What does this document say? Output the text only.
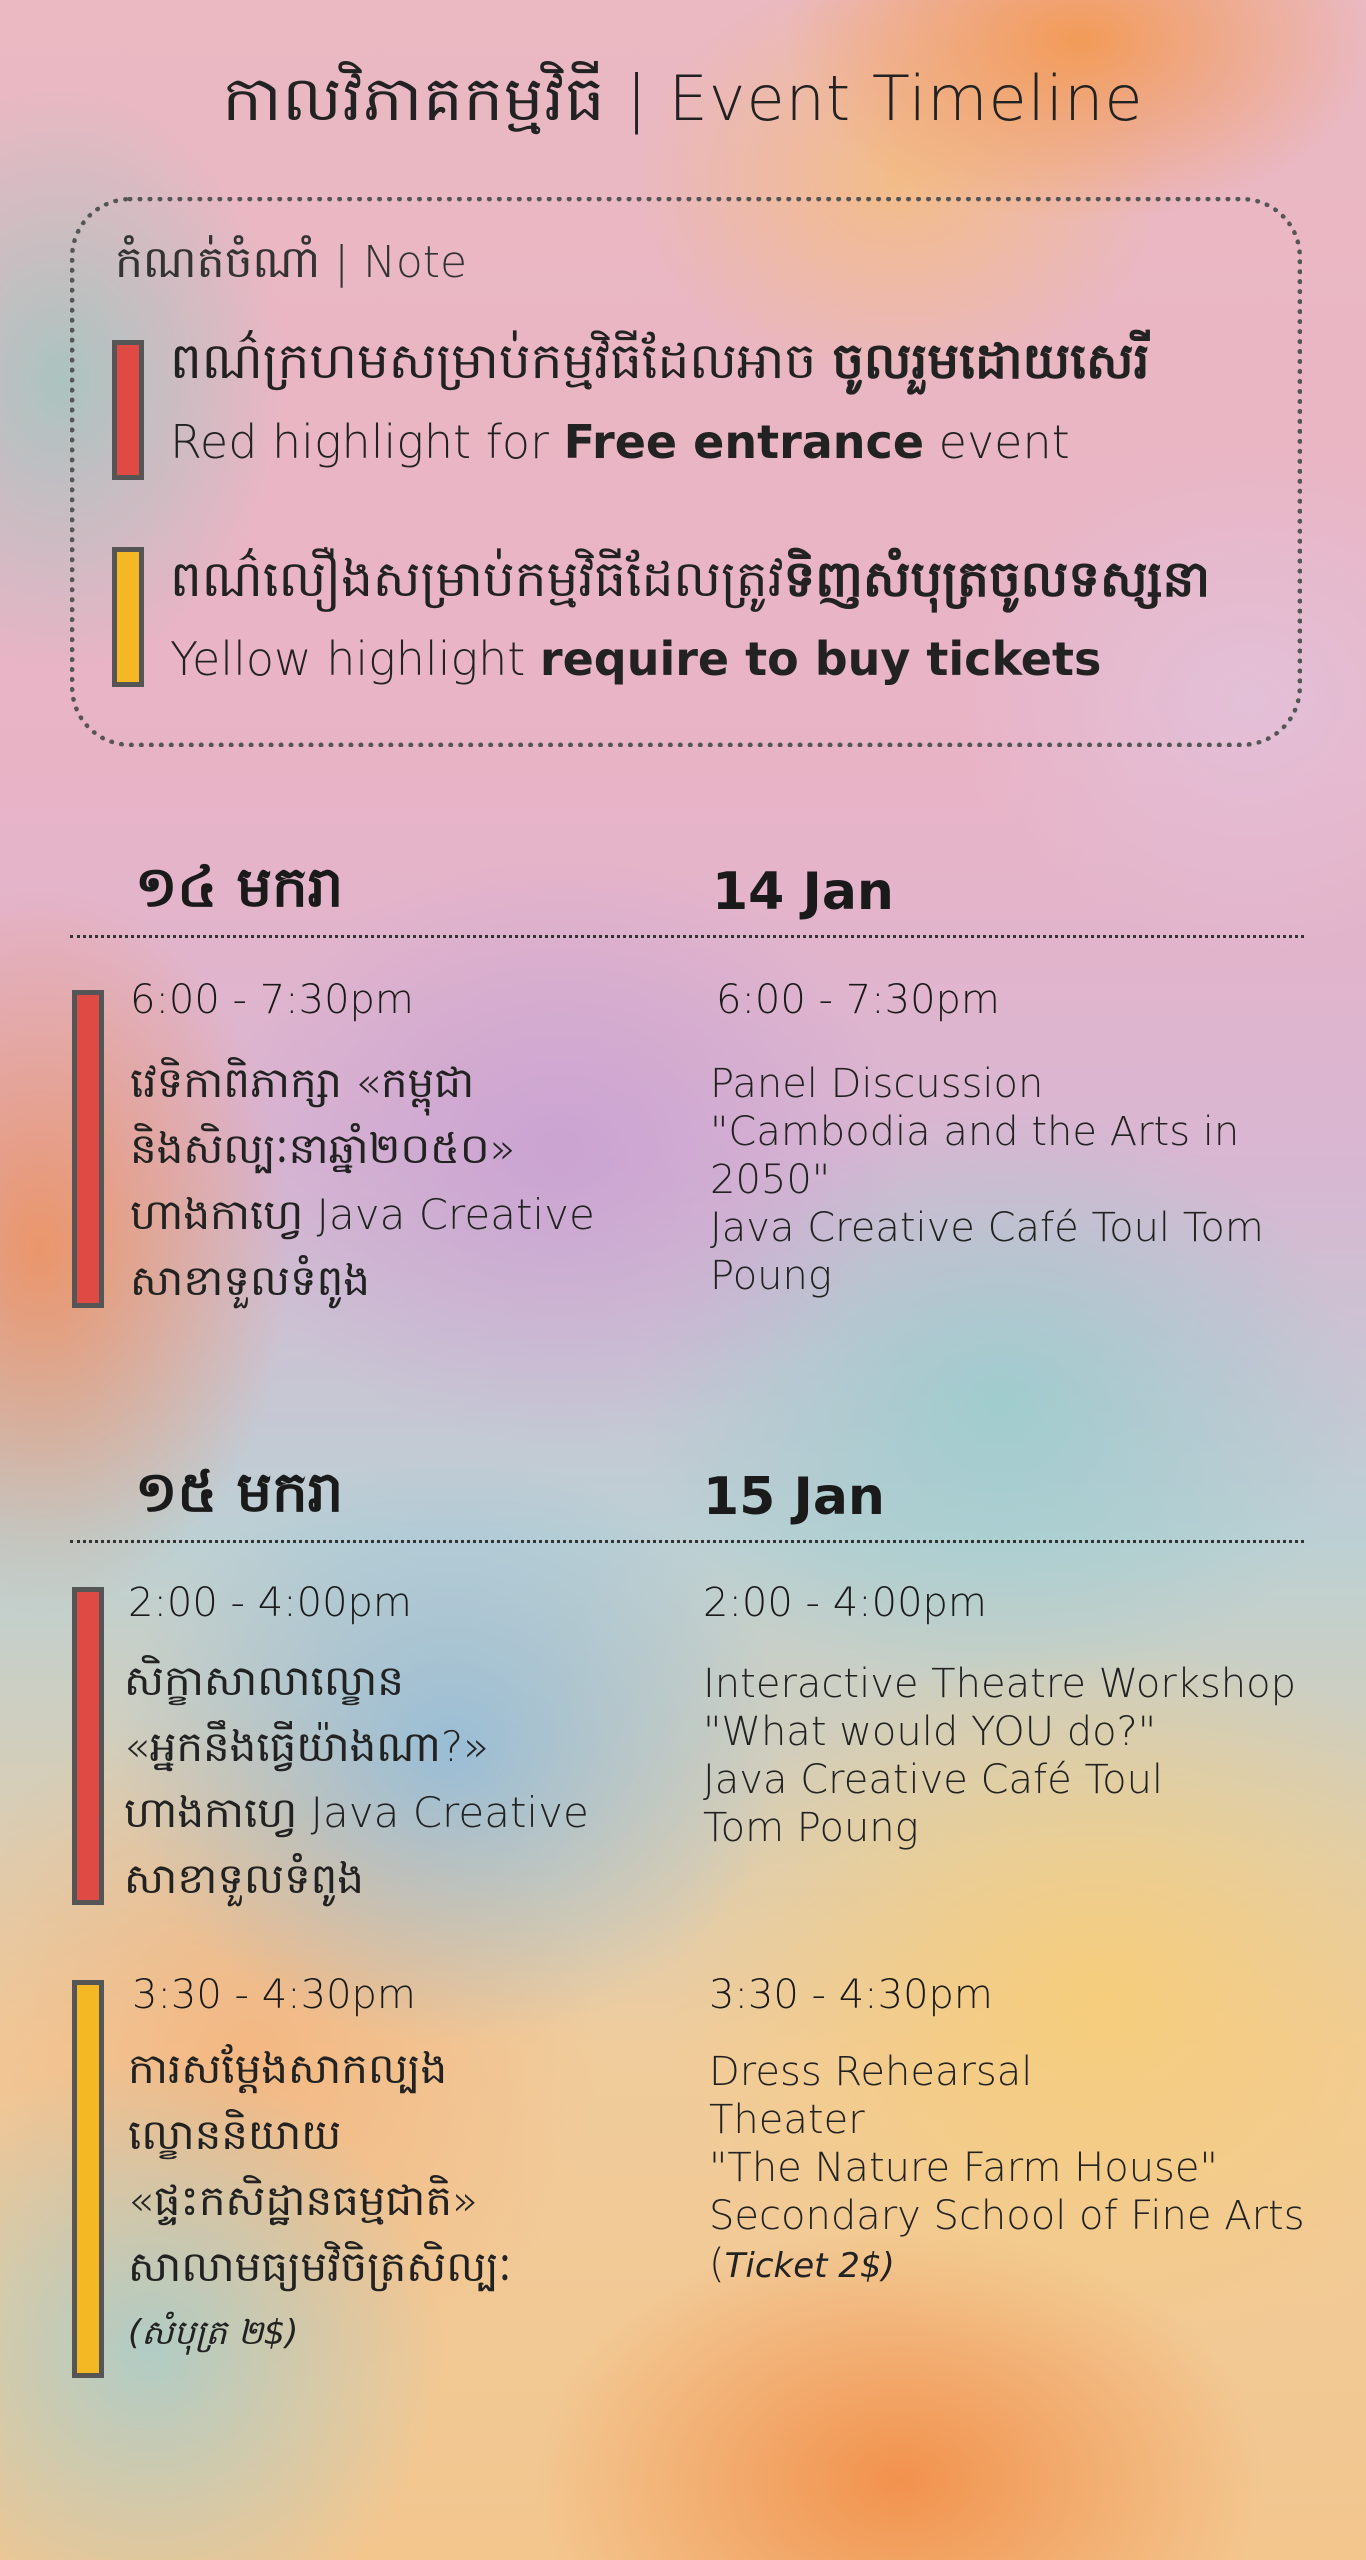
កាលវិភាគកម្មវិធី | Event Timeline
កំណត់ចំណាំ | Note
ពណ៌ក្រហមសម្រាប់កម្មវិធីដែលអាច ចូលរួមដោយសេរី
Red highlight for Free entrance event
ពណ៌លឿងសម្រាប់កម្មវិធីដែលត្រូវទិញសំបុត្រចូលទស្សនា
Yellow highlight require to buy tickets
១៤ មករា	14 Jan
6:00 - 7:30pm
វេទិកាពិភាក្សា «កម្ពុជា
និងសិល្បៈនាឆ្នាំ២០៥០»
ហាងកាហ្វេ Java Creative
សាខាទួលទំពូង
6:00 - 7:30pm
Panel Discussion
"Cambodia and the Arts in
2050"
Java Creative Café Toul Tom
Poung
១៥ មករា	15 Jan
2:00 - 4:00pm
សិក្ខាសាលាល្ខោន
«អ្នកនឹងធ្វើយ៉ាងណា?»
ហាងកាហ្វេ Java Creative
សាខាទួលទំពូង
2:00 - 4:00pm
Interactive Theatre Workshop
"What would YOU do?"
Java Creative Café Toul
Tom Poung
3:30 - 4:30pm
ការសម្តែងសាកល្បង
ល្ខោននិយាយ
«ផ្ទះកសិដ្ឋានធម្មជាតិ»
សាលាមធ្យមវិចិត្រសិល្បៈ
(សំបុត្រ ២$)
3:30 - 4:30pm
Dress Rehearsal
Theater
"The Nature Farm House"
Secondary School of Fine Arts
(Ticket 2$)
